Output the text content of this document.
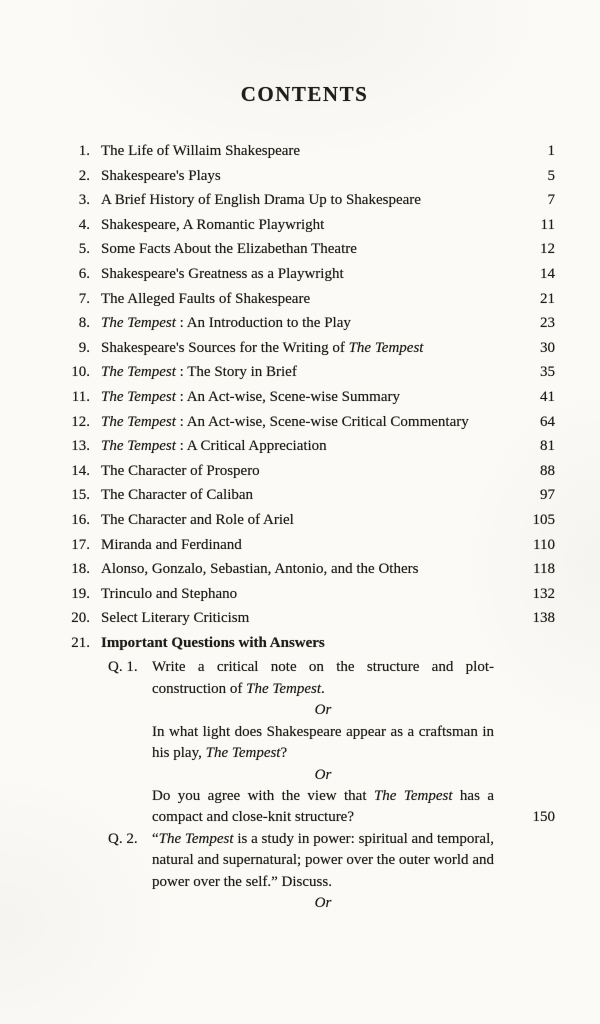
CONTENTS
1. The Life of Willaim Shakespeare	1
2. Shakespeare's Plays	5
3. A Brief History of English Drama Up to Shakespeare	7
4. Shakespeare, A Romantic Playwright	11
5. Some Facts About the Elizabethan Theatre	12
6. Shakespeare's Greatness as a Playwright	14
7. The Alleged Faults of Shakespeare	21
8. The Tempest : An Introduction to the Play	23
9. Shakespeare's Sources for the Writing of The Tempest	30
10. The Tempest : The Story in Brief	35
11. The Tempest : An Act-wise, Scene-wise Summary	41
12. The Tempest : An Act-wise, Scene-wise Critical Commentary	64
13. The Tempest : A Critical Appreciation	81
14. The Character of Prospero	88
15. The Character of Caliban	97
16. The Character and Role of Ariel	105
17. Miranda and Ferdinand	110
18. Alonso, Gonzalo, Sebastian, Antonio, and the Others	118
19. Trinculo and Stephano	132
20. Select Literary Criticism	138
21. Important Questions with Answers
Q. 1. Write a critical note on the structure and plot-construction of The Tempest.
Or
In what light does Shakespeare appear as a craftsman in his play, The Tempest?
Or
Do you agree with the view that The Tempest has a compact and close-knit structure?	150
Q. 2. “The Tempest is a study in power: spiritual and temporal, natural and supernatural; power over the outer world and power over the self.” Discuss.
Or
